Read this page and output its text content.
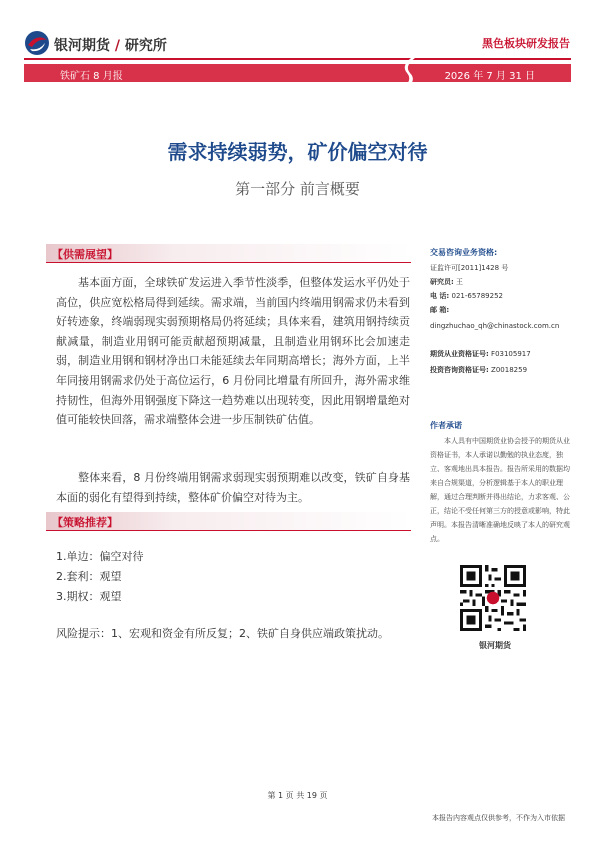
银河期货 / 研究所	黑色板块研发报告
铁矿石 8 月报	2026 年 7 月 31 日
需求持续弱势，矿价偏空对待
第一部分 前言概要
【供需展望】
基本面方面，全球铁矿发运进入季节性淡季，但整体发运水平仍处于高位，供应宽松格局得到延续。需求端，当前国内终端用钢需求仍未看到好转迹象，终端弱现实弱预期格局仍将延续；具体来看，建筑用钢持续贡献减量，制造业用钢可能贡献超预期减量，且制造业用钢环比会加速走弱，制造业用钢和钢材净出口未能延续去年同期高增长；海外方面，上半年同接用钢需求仍处于高位运行，6 月份同比增量有所回升，海外需求维持韧性，但海外用钢强度下降这一趋势难以出现转变，因此用钢增量绝对值可能较快回落，需求端整体会进一步压制铁矿估值。
整体来看，8 月份终端用钢需求弱现实弱预期难以改变，铁矿自身基本面的弱化有望得到持续，整体矿价偏空对待为主。
【策略推荐】
1.单边：偏空对待
2.套利：观望
3.期权：观望
风险提示：1、宏观和资金有所反复；2、铁矿自身供应端政策扰动。
交易咨询业务资格:
证监许可[2011]1428 号
研究员: 王
电 话: 021-65789252
邮 箱:
dingzhuchao_qh@chinastock.com.cn
期货从业资格证号: F03105917
投资咨询资格证号: Z0018259
作者承诺
本人具有中国期货业协会授予的期货从业资格证书，本人承诺以勤勉的执业态度，独立、客观地出具本报告。报告所采用的数据均来自合规渠道，分析逻辑基于本人的职业理解，通过合理判断并得出结论，力求客观、公正，结论不受任何第三方的授意或影响，特此声明。本报告清晰准确地反映了本人的研究观点。
银河期货
第 1 页 共 19 页
本报告内容观点仅供参考，不作为入市依据
